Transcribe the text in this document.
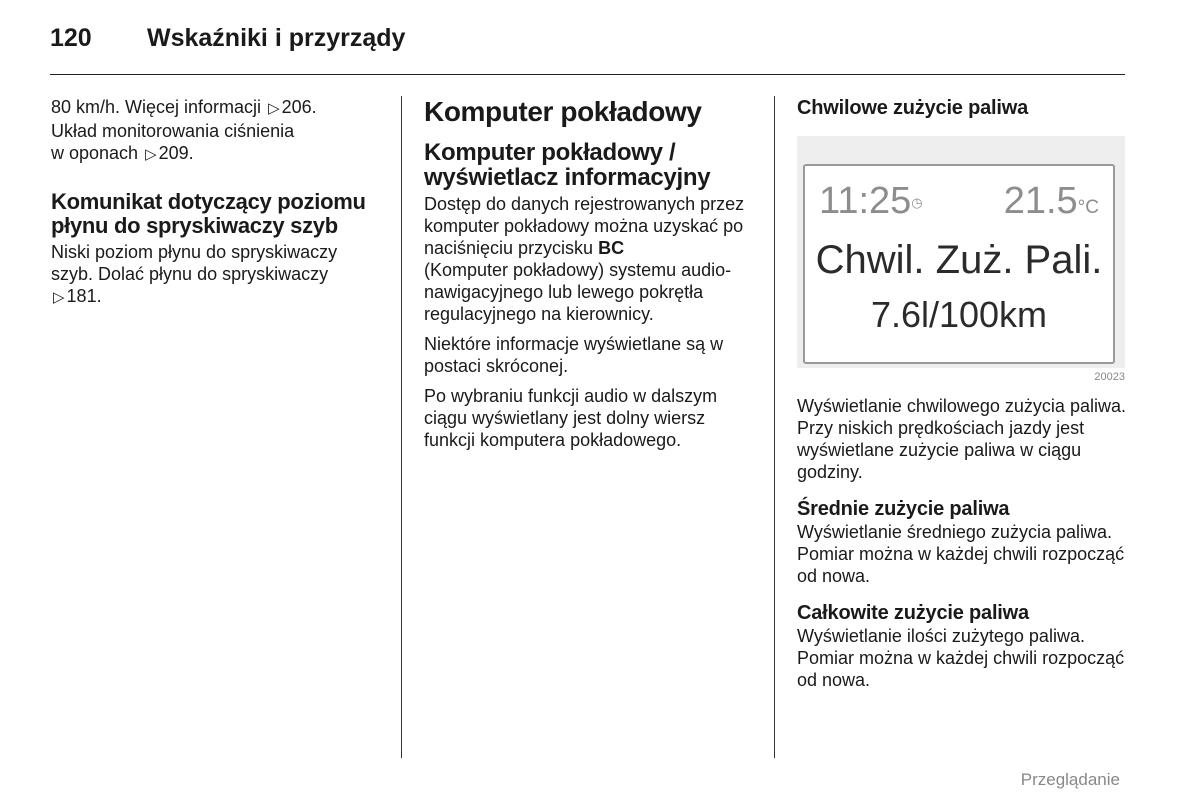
120 Wskaźniki i przyrządy

80 km/h. Więcej informacji ▷ 206.
Układ monitorowania ciśnienia
w oponach ▷ 209.

Komunikat dotyczący poziomu płynu do spryskiwaczy szyb

Niski poziom płynu do spryskiwaczy szyb. Dolać płynu do spryskiwaczy
▷ 181.

Komputer pokładowy
Komputer pokładowy / wyświetlacz informacyjny

Dostęp do danych rejestrowanych przez komputer pokładowy można uzyskać po naciśnięciu przycisku BC
(Komputer pokładowy) systemu audio-nawigacyjnego lub lewego pokrętła regulacyjnego na kierownicy.

Niektóre informacje wyświetlane są w postaci skróconej.

Po wybraniu funkcji audio w dalszym ciągu wyświetlany jest dolny wiersz funkcji komputera pokładowego.

Chwilowe zużycie paliwa
11:25◷ 21.5°C
Chwil. Zuż. Pali.
7.6l/100km
20023

Wyświetlanie chwilowego zużycia paliwa. Przy niskich prędkościach jazdy jest wyświetlane zużycie paliwa w ciągu godziny.

Średnie zużycie paliwa

Wyświetlanie średniego zużycia paliwa. Pomiar można w każdej chwili rozpocząć od nowa.

Całkowite zużycie paliwa

Wyświetlanie ilości zużytego paliwa. Pomiar można w każdej chwili rozpocząć od nowa.

Przeglądanie
